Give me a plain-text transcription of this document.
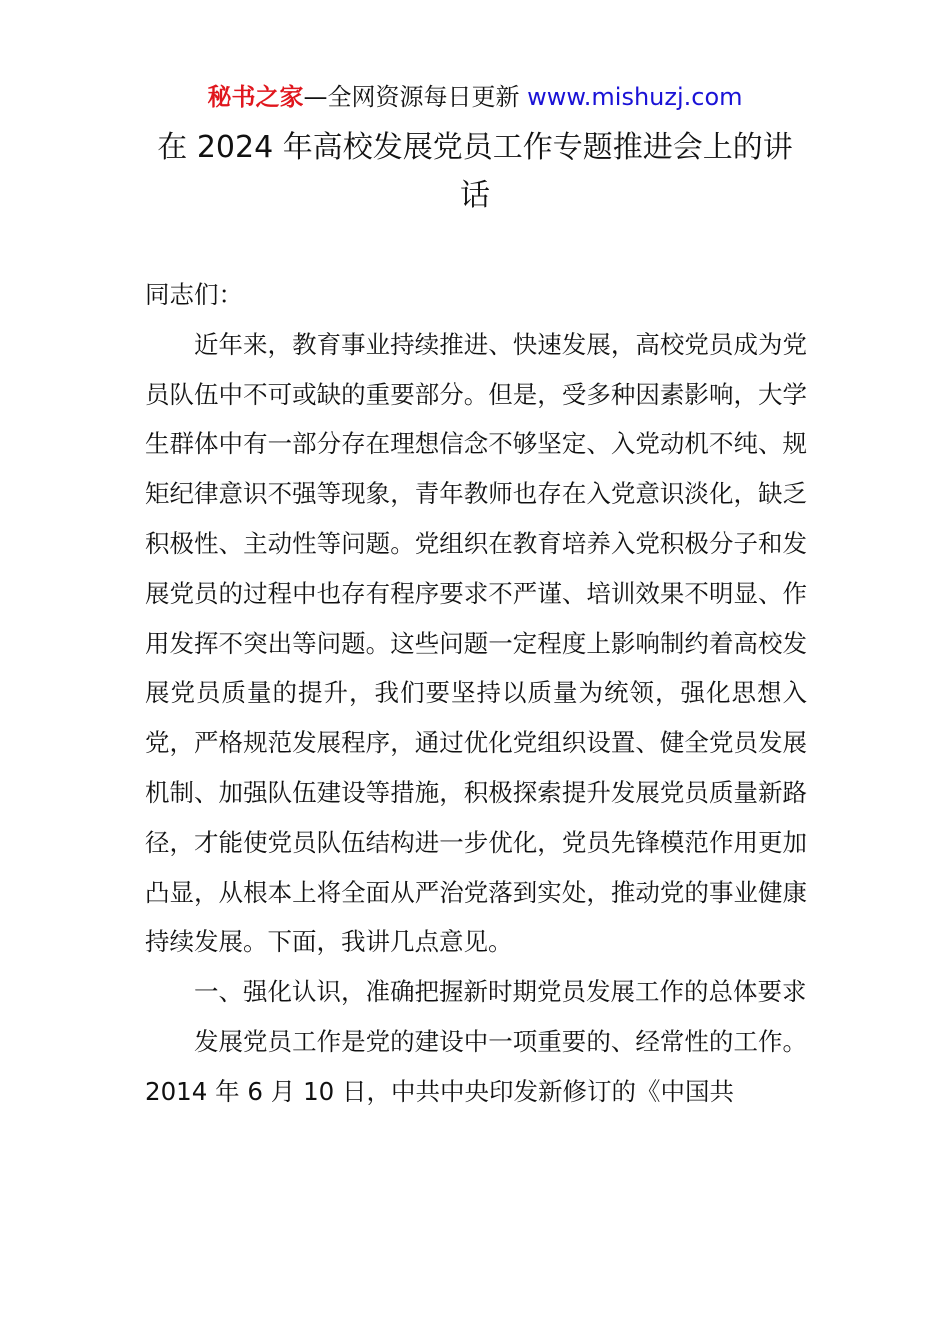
秘书之家—全网资源每日更新 www.mishuzj.com
在 2024 年高校发展党员工作专题推进会上的讲话

同志们：

近年来，教育事业持续推进、快速发展，高校党员成为党员队伍中不可或缺的重要部分。但是，受多种因素影响，大学生群体中有一部分存在理想信念不够坚定、入党动机不纯、规矩纪律意识不强等现象，青年教师也存在入党意识淡化，缺乏积极性、主动性等问题。党组织在教育培养入党积极分子和发展党员的过程中也存有程序要求不严谨、培训效果不明显、作用发挥不突出等问题。这些问题一定程度上影响制约着高校发展党员质量的提升，我们要坚持以质量为统领，强化思想入党，严格规范发展程序，通过优化党组织设置、健全党员发展机制、加强队伍建设等措施，积极探索提升发展党员质量新路径，才能使党员队伍结构进一步优化，党员先锋模范作用更加凸显，从根本上将全面从严治党落到实处，推动党的事业健康持续发展。下面，我讲几点意见。

一、强化认识，准确把握新时期党员发展工作的总体要求

发展党员工作是党的建设中一项重要的、经常性的工作。2014 年 6 月 10 日，中共中央印发新修订的《中国共
